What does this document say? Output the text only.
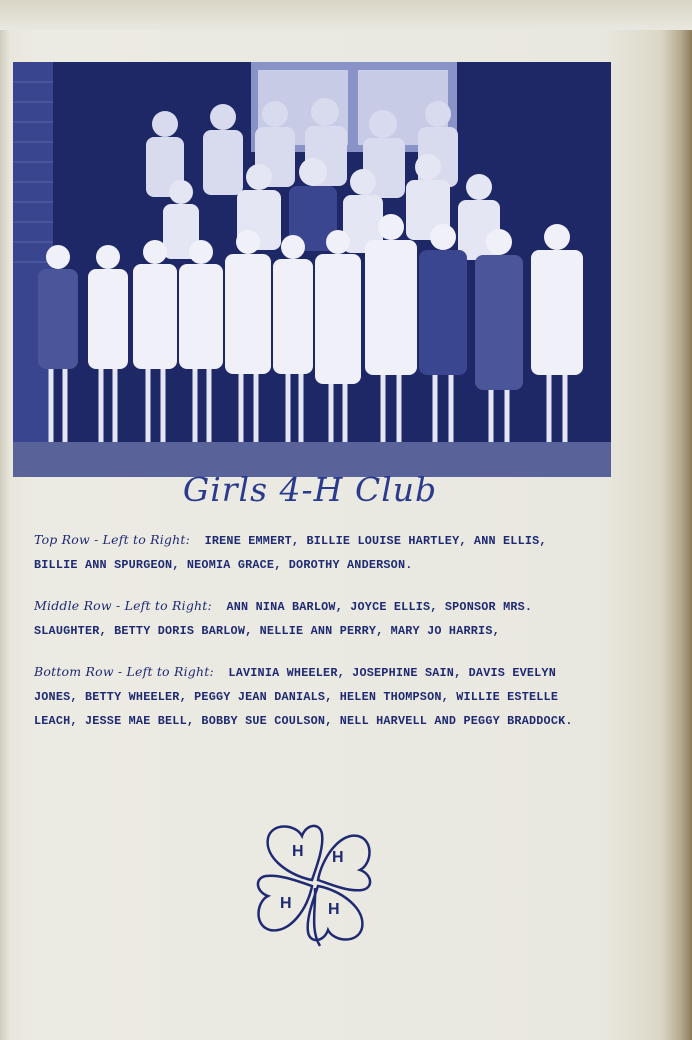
Girls 4-H Club

Top Row - Left to Right: IRENE EMMERT, BILLIE LOUISE HARTLEY, ANN ELLIS, BILLIE ANN SPURGEON, NEOMIA GRACE, DOROTHY ANDERSON.

Middle Row - Left to Right: ANN NINA BARLOW, JOYCE ELLIS, SPONSOR MRS. SLAUGHTER, BETTY DORIS BARLOW, NELLIE ANN PERRY, MARY JO HARRIS,

Bottom Row - Left to Right: LAVINIA WHEELER, JOSEPHINE SAIN, DAVIS EVELYN JONES, BETTY WHEELER, PEGGY JEAN DANIALS, HELEN THOMPSON, WILLIE ESTELLE LEACH, JESSE MAE BELL, BOBBY SUE COULSON, NELL HARVELL AND PEGGY BRADDOCK.

H H
H H
